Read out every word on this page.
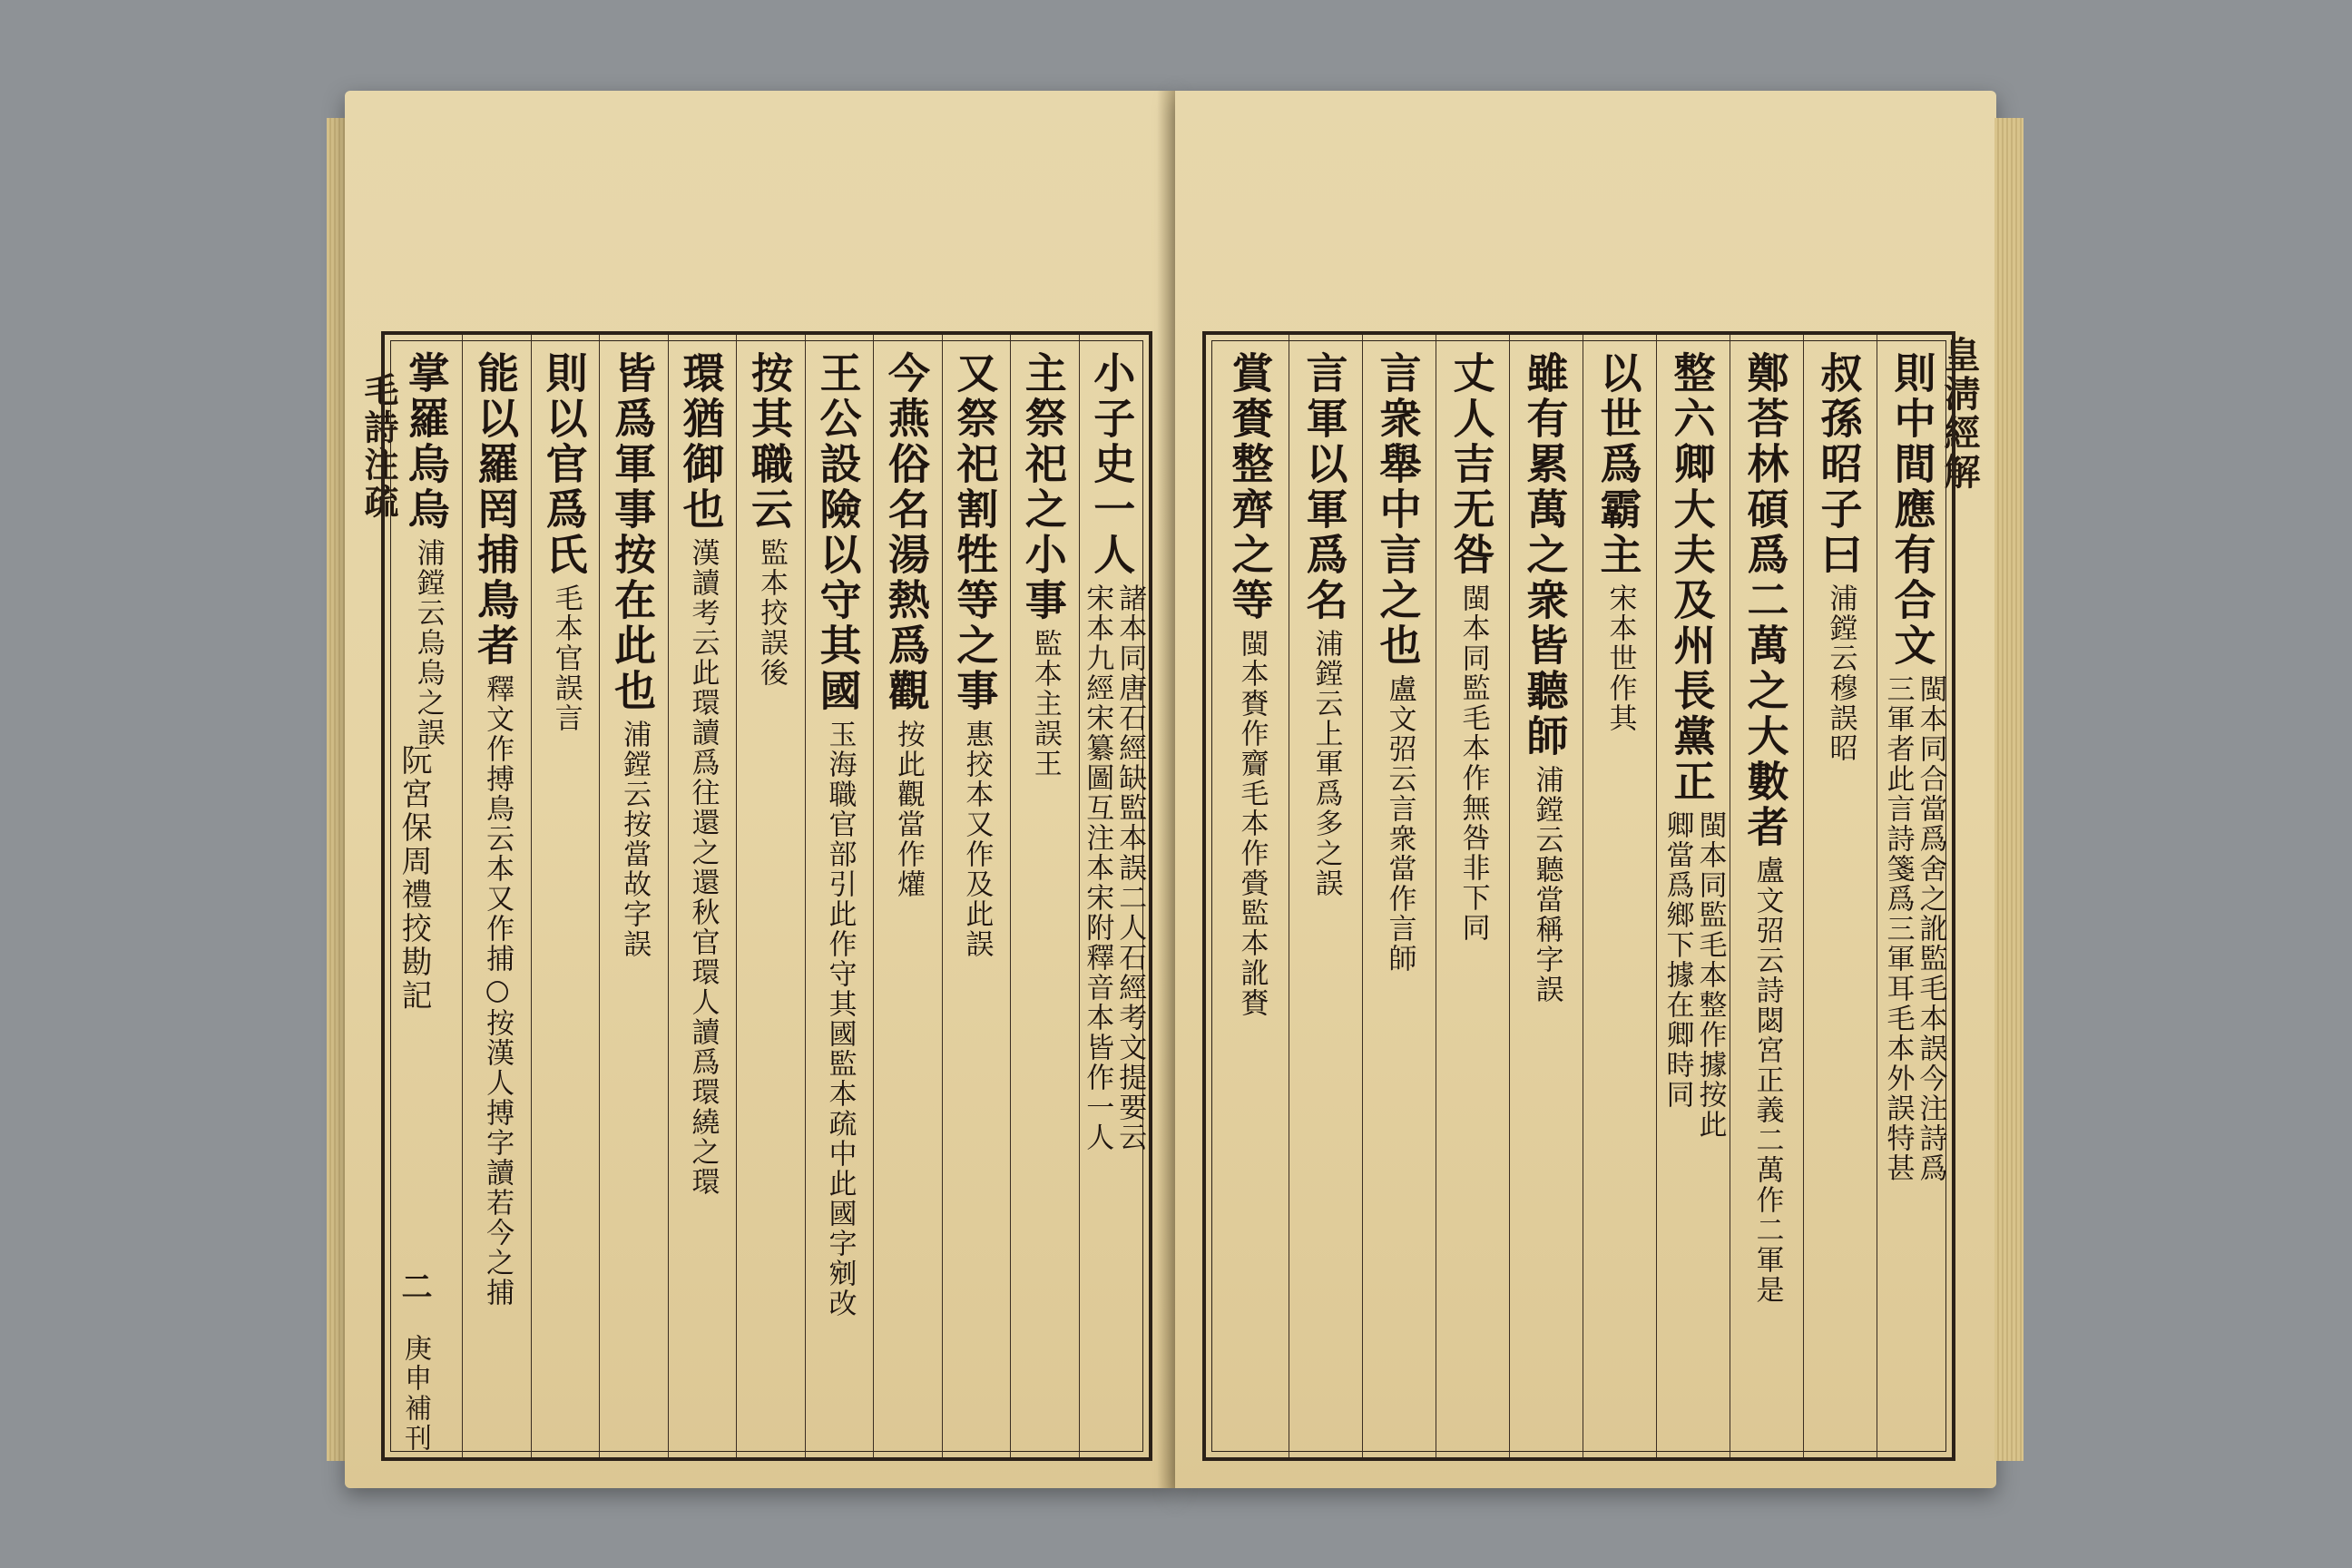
毛詩注疏
阮宮保周禮挍勘記
二
庚申補刊
小子史一人
諸本同唐石經缺監本誤二人石經考文提要云
宋本九經宋纂圖互注本宋附釋音本皆作一人
主祭祀之小事
監本主誤王
又祭祀割牲等之事
惠挍本又作及此誤
今燕俗名湯熱爲觀
按此觀當作爟
王公設險以守其國
玉海職官部引此作守其國監本疏中此國字剜改
按其職云
監本挍誤後
環猶御也
漢讀考云此環讀爲往還之還秋官環人讀爲環繞之環
皆爲軍事按在此也
浦鏜云按當故字誤
則以官爲氏
毛本官誤言
能以羅罔捕鳥者
釋文作搏鳥云本又作捕○按漢人搏字讀若今之捕
掌羅烏烏
浦鏜云烏烏之誤
皇淸經解
則中間應有合文
閩本同合當爲舍之訛監毛本誤今注詩爲
三軍者此言詩箋爲三軍耳毛本外誤特甚
叔孫昭子曰
浦鏜云穆誤昭
鄭荅林碩爲二萬之大數者
盧文弨云詩閟宮正義二萬作二軍是
整六卿大夫及州長黨正
閩本同監毛本整作據按此
卿當爲鄉下據在卿時同
以世爲霸主
宋本世作其
雖有累萬之衆皆聽師
浦鏜云聽當稱字誤
丈人吉无咎
閩本同監毛本作無咎非下同
言衆舉中言之也
盧文弨云言衆當作言師
言軍以軍爲名
浦鏜云上軍爲多之誤
賞賚整齊之等
閩本賚作齎毛本作賫監本訛賚
